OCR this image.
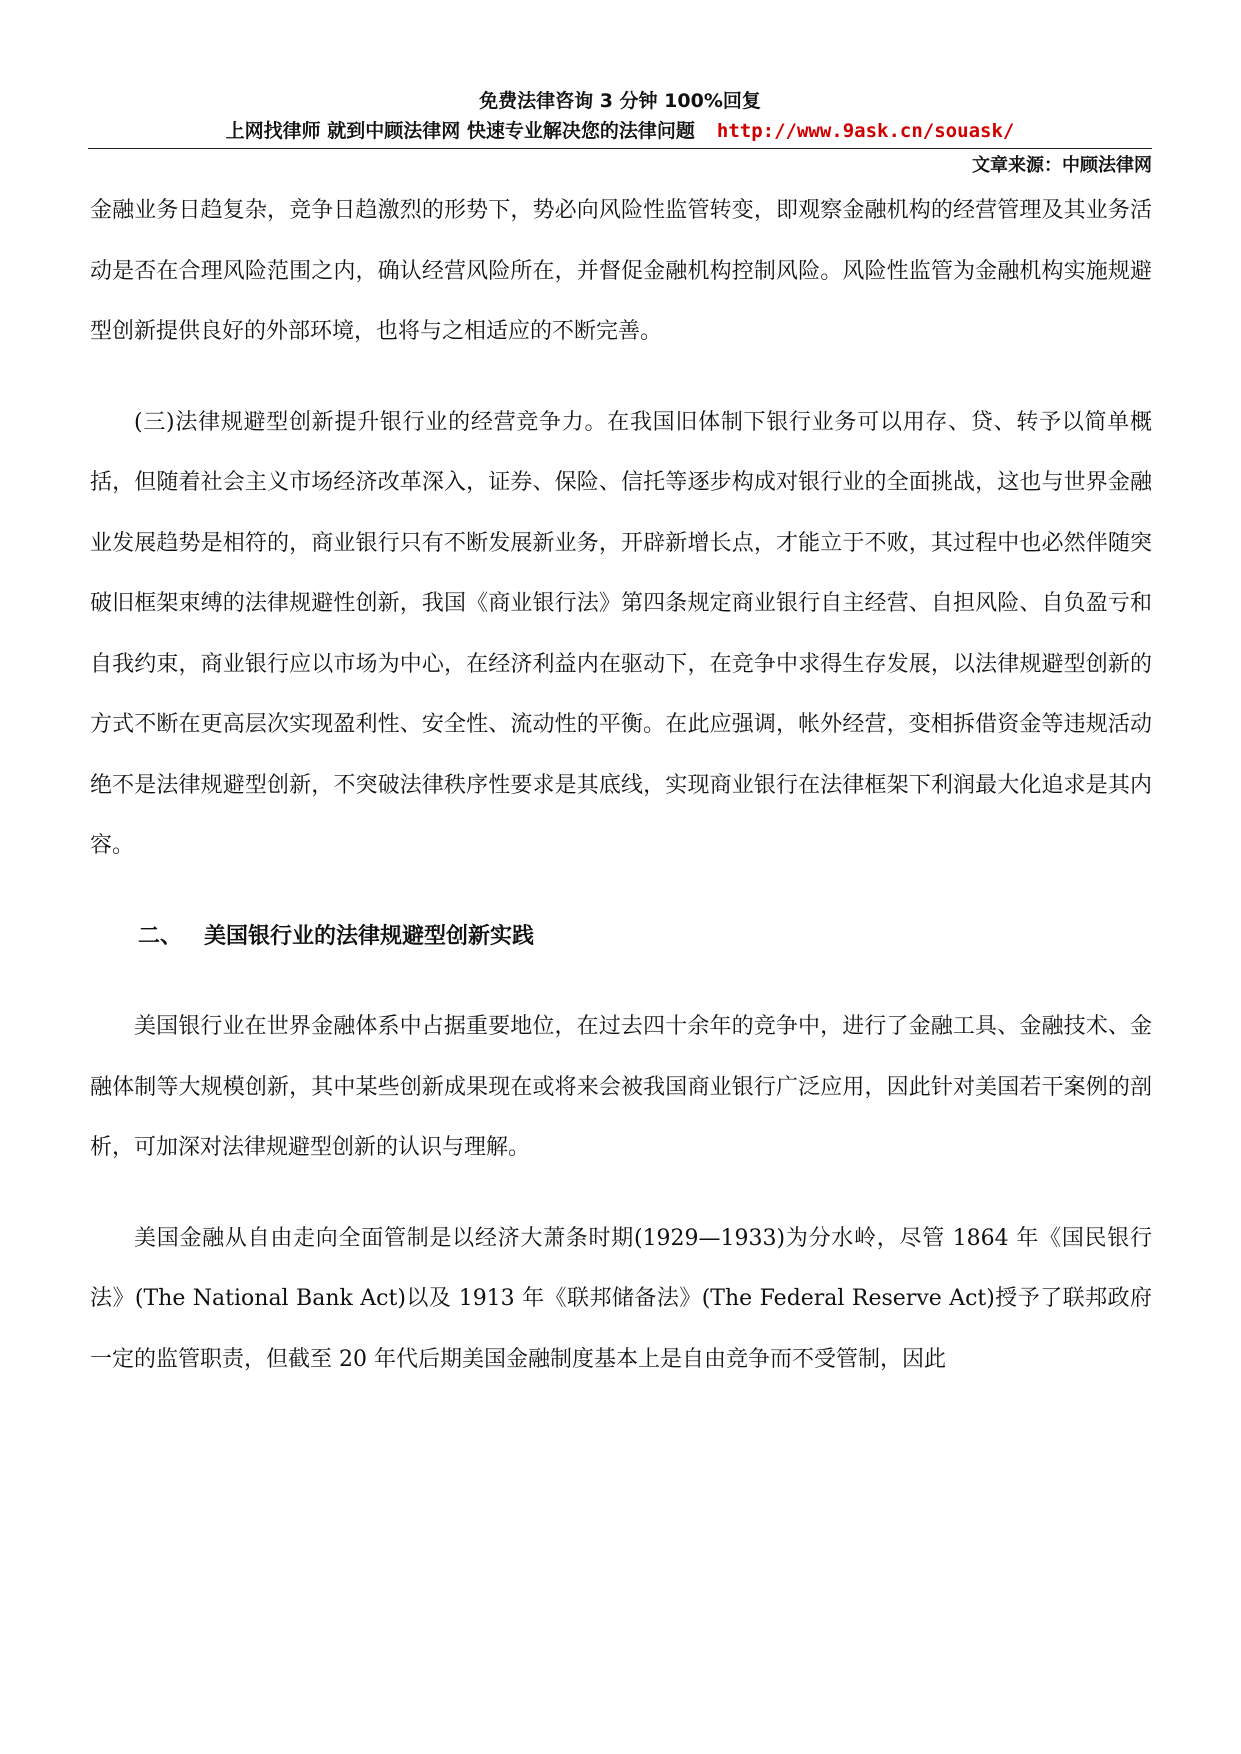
免费法律咨询 3 分钟 100%回复
上网找律师 就到中顾法律网 快速专业解决您的法律问题 http://www.9ask.cn/souask/
文章来源：中顾法律网

金融业务日趋复杂，竞争日趋激烈的形势下，势必向风险性监管转变，即观察金融机构的经营管理及其业务活动是否在合理风险范围之内，确认经营风险所在，并督促金融机构控制风险。风险性监管为金融机构实施规避型创新提供良好的外部环境，也将与之相适应的不断完善。

(三)法律规避型创新提升银行业的经营竞争力。在我国旧体制下银行业务可以用存、贷、转予以简单概括，但随着社会主义市场经济改革深入，证券、保险、信托等逐步构成对银行业的全面挑战，这也与世界金融业发展趋势是相符的，商业银行只有不断发展新业务，开辟新增长点，才能立于不败，其过程中也必然伴随突破旧框架束缚的法律规避性创新，我国《商业银行法》第四条规定商业银行自主经营、自担风险、自负盈亏和自我约束，商业银行应以市场为中心，在经济利益内在驱动下，在竞争中求得生存发展，以法律规避型创新的方式不断在更高层次实现盈利性、安全性、流动性的平衡。在此应强调，帐外经营，变相拆借资金等违规活动绝不是法律规避型创新，不突破法律秩序性要求是其底线，实现商业银行在法律框架下利润最大化追求是其内容。

二、 美国银行业的法律规避型创新实践

美国银行业在世界金融体系中占据重要地位，在过去四十余年的竞争中，进行了金融工具、金融技术、金融体制等大规模创新，其中某些创新成果现在或将来会被我国商业银行广泛应用，因此针对美国若干案例的剖析，可加深对法律规避型创新的认识与理解。

美国金融从自由走向全面管制是以经济大萧条时期(1929—1933)为分水岭，尽管 1864 年《国民银行法》(The National Bank Act)以及 1913 年《联邦储备法》(The Federal Reserve Act)授予了联邦政府一定的监管职责，但截至 20 年代后期美国金融制度基本上是自由竞争而不受管制，因此
